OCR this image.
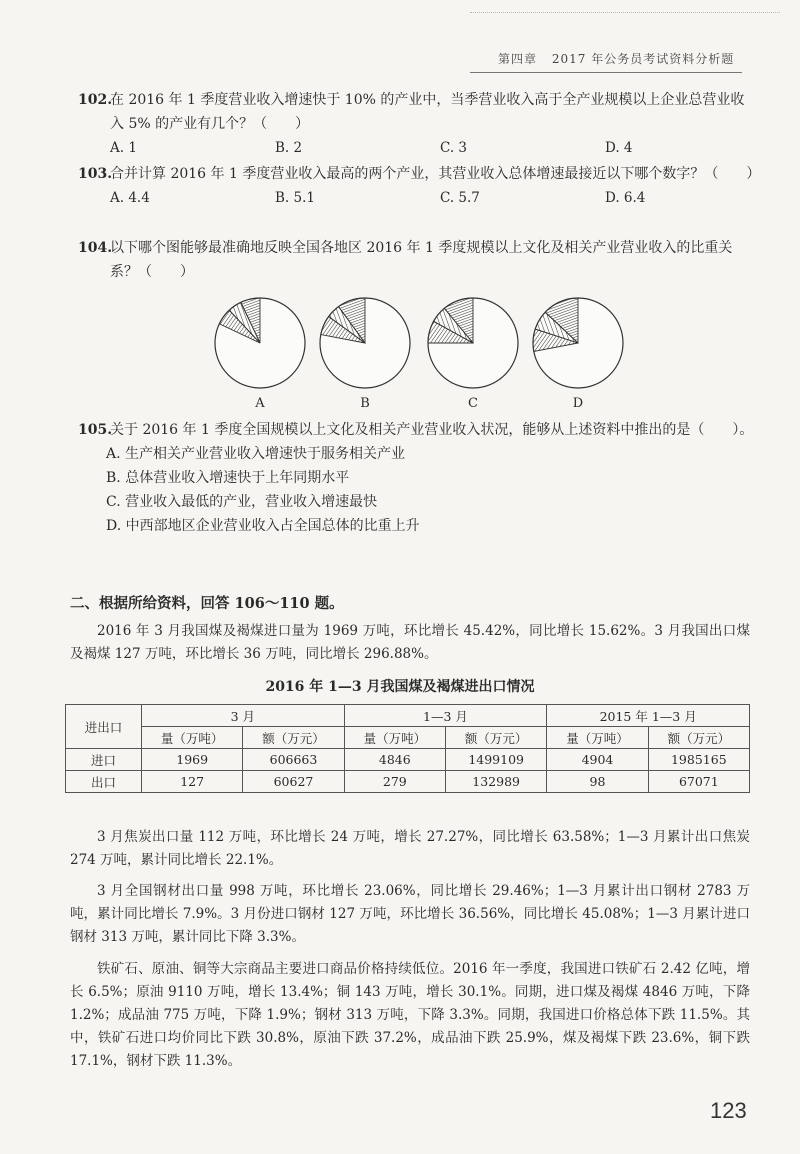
第四章 2017 年公务员考试资料分析题
102.
在 2016 年 1 季度营业收入增速快于 10% 的产业中，当季营业收入高于全产业规模以上企业总营业收入 5% 的产业有几个？（　　）
A. 1	B. 2	C. 3	D. 4
103.
合并计算 2016 年 1 季度营业收入最高的两个产业，其营业收入总体增速最接近以下哪个数字？（　　）
A. 4.4	B. 5.1	C. 5.7	D. 6.4
104.
以下哪个图能够最准确地反映全国各地区 2016 年 1 季度规模以上文化及相关产业营业收入的比重关系？（　　）
A	B	C	D
105.
关于 2016 年 1 季度全国规模以上文化及相关产业营业收入状况，能够从上述资料中推出的是（　　）。
A. 生产相关产业营业收入增速快于服务相关产业
B. 总体营业收入增速快于上年同期水平
C. 营业收入最低的产业，营业收入增速最快
D. 中西部地区企业营业收入占全国总体的比重上升
二、根据所给资料，回答 106～110 题。
2016 年 3 月我国煤及褐煤进口量为 1969 万吨，环比增长 45.42%，同比增长 15.62%。3 月我国出口煤及褐煤 127 万吨，环比增长 36 万吨，同比增长 296.88%。
2016 年 1—3 月我国煤及褐煤进出口情况
进出口	3 月		1—3 月		2015 年 1—3 月	
	量（万吨）	额（万元）	量（万吨）	额（万元）	量（万吨）	额（万元）
进口	1969	606663	4846	1499109	4904	1985165
出口	127	60627	279	132989	98	67071
3 月焦炭出口量 112 万吨，环比增长 24 万吨，增长 27.27%，同比增长 63.58%；1—3 月累计出口焦炭 274 万吨，累计同比增长 22.1%。
3 月全国钢材出口量 998 万吨，环比增长 23.06%，同比增长 29.46%；1—3 月累计出口钢材 2783 万吨，累计同比增长 7.9%。3 月份进口钢材 127 万吨，环比增长 36.56%，同比增长 45.08%；1—3 月累计进口钢材 313 万吨，累计同比下降 3.3%。
铁矿石、原油、铜等大宗商品主要进口商品价格持续低位。2016 年一季度，我国进口铁矿石 2.42 亿吨，增长 6.5%；原油 9110 万吨，增长 13.4%；铜 143 万吨，增长 30.1%。同期，进口煤及褐煤 4846 万吨，下降 1.2%；成品油 775 万吨，下降 1.9%；钢材 313 万吨，下降 3.3%。同期，我国进口价格总体下跌 11.5%。其中，铁矿石进口均价同比下跌 30.8%，原油下跌 37.2%，成品油下跌 25.9%，煤及褐煤下跌 23.6%，铜下跌 17.1%，钢材下跌 11.3%。
123
